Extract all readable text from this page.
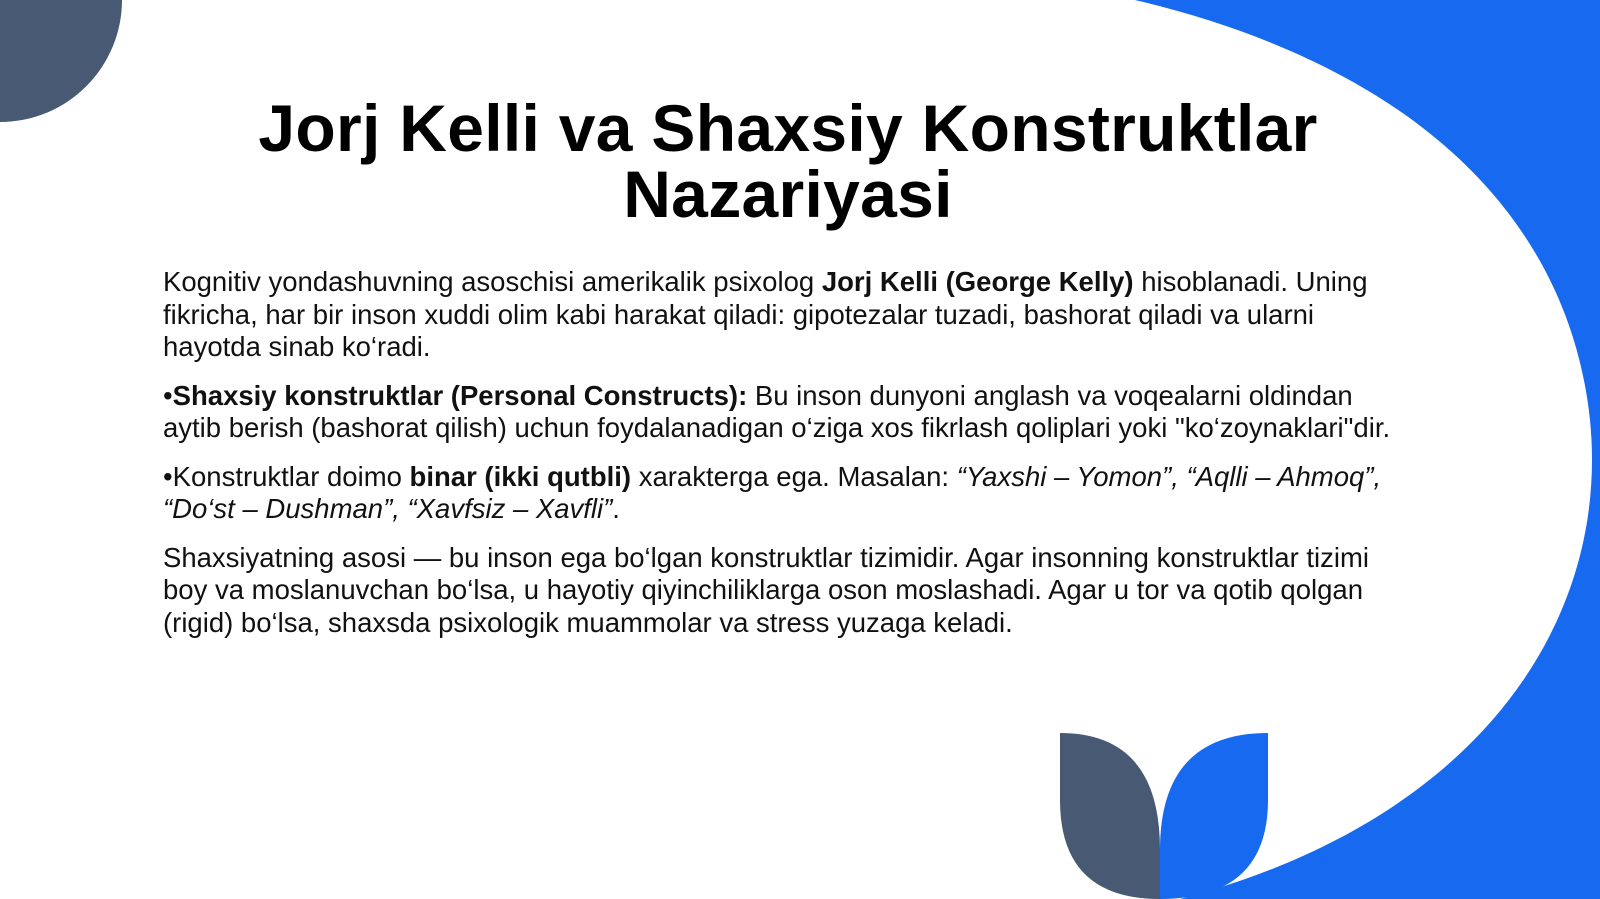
Jorj Kelli va Shaxsiy Konstruktlar Nazariyasi

Kognitiv yondashuvning asoschisi amerikalik psixolog Jorj Kelli (George Kelly) hisoblanadi. Uning fikricha, har bir inson xuddi olim kabi harakat qiladi: gipotezalar tuzadi, bashorat qiladi va ularni hayotda sinab ko‘radi.

•Shaxsiy konstruktlar (Personal Constructs): Bu inson dunyoni anglash va voqealarni oldindan aytib berish (bashorat qilish) uchun foydalanadigan o‘ziga xos fikrlash qoliplari yoki "ko‘zoynaklari"dir.

•Konstruktlar doimo binar (ikki qutbli) xarakterga ega. Masalan: “Yaxshi – Yomon”, “Aqlli – Ahmoq”, “Do‘st – Dushman”, “Xavfsiz – Xavfli”.

Shaxsiyatning asosi — bu inson ega bo‘lgan konstruktlar tizimidir. Agar insonning konstruktlar tizimi boy va moslanuvchan bo‘lsa, u hayotiy qiyinchiliklarga oson moslashadi. Agar u tor va qotib qolgan (rigid) bo‘lsa, shaxsda psixologik muammolar va stress yuzaga keladi.
